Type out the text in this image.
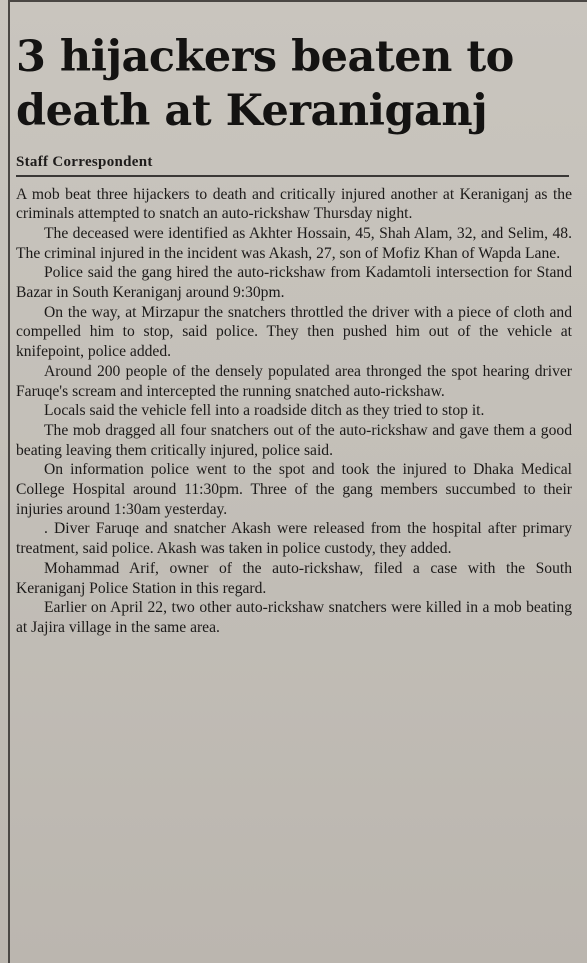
3 hijackers beaten to death at Keraniganj
Staff Correspondent

A mob beat three hijackers to death and critically injured another at Keraniganj as the criminals attempted to snatch an auto-rickshaw Thursday night.

The deceased were identified as Akhter Hossain, 45, Shah Alam, 32, and Selim, 48. The criminal injured in the incident was Akash, 27, son of Mofiz Khan of Wapda Lane.

Police said the gang hired the auto-rickshaw from Kadamtoli intersection for Stand Bazar in South Keraniganj around 9:30pm.

On the way, at Mirzapur the snatchers throttled the driver with a piece of cloth and compelled him to stop, said police. They then pushed him out of the vehicle at knifepoint, police added.

Around 200 people of the densely populated area thronged the spot hearing driver Faruqe's scream and intercepted the running snatched auto-rickshaw.

Locals said the vehicle fell into a roadside ditch as they tried to stop it.

The mob dragged all four snatchers out of the auto-rickshaw and gave them a good beating leaving them critically injured, police said.

On information police went to the spot and took the injured to Dhaka Medical College Hospital around 11:30pm. Three of the gang members succumbed to their injuries around 1:30am yesterday.

. Diver Faruqe and snatcher Akash were released from the hospital after primary treatment, said police. Akash was taken in police custody, they added.

Mohammad Arif, owner of the auto-rickshaw, filed a case with the South Keraniganj Police Station in this regard.

Earlier on April 22, two other auto-rickshaw snatchers were killed in a mob beating at Jajira village in the same area.
